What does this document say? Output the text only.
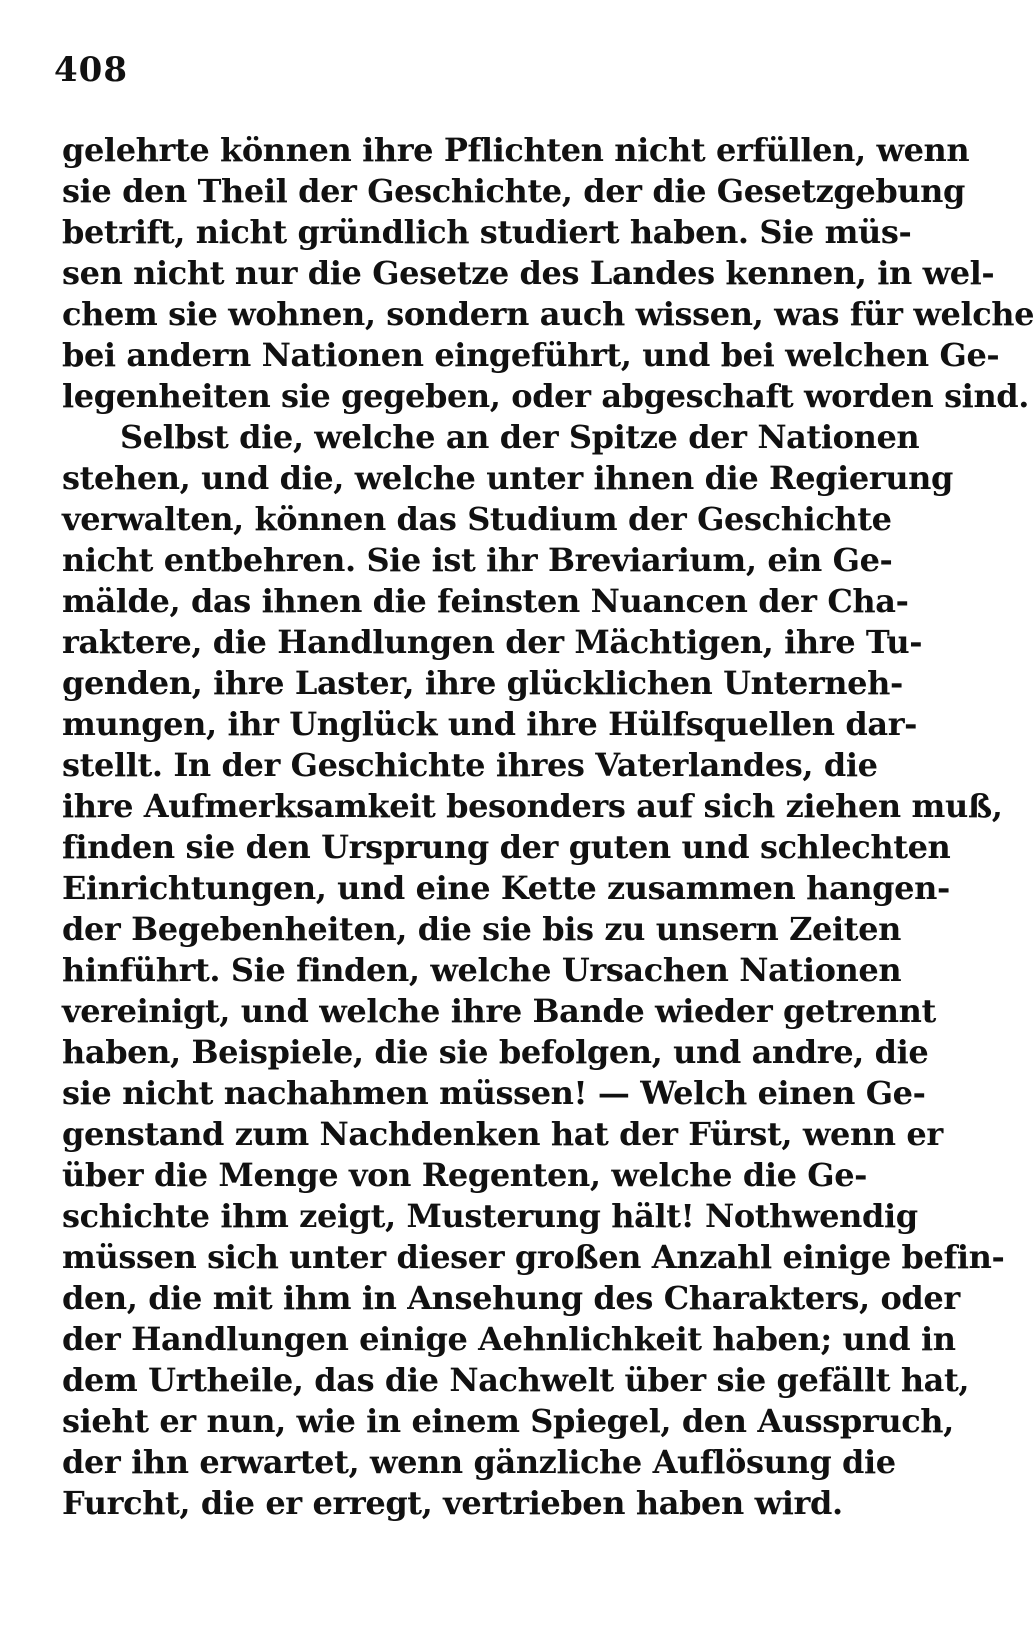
408
gelehrte können ihre Pflichten nicht erfüllen, wenn
sie den Theil der Geschichte, der die Gesetzgebung
betrift, nicht gründlich studiert haben. Sie müs-
sen nicht nur die Gesetze des Landes kennen, in wel-
chem sie wohnen, sondern auch wissen, was für welche
bei andern Nationen eingeführt, und bei welchen Ge-
legenheiten sie gegeben, oder abgeschaft worden sind.
Selbst die, welche an der Spitze der Nationen
stehen, und die, welche unter ihnen die Regierung
verwalten, können das Studium der Geschichte
nicht entbehren. Sie ist ihr Breviarium, ein Ge-
mälde, das ihnen die feinsten Nuancen der Cha-
raktere, die Handlungen der Mächtigen, ihre Tu-
genden, ihre Laster, ihre glücklichen Unterneh-
mungen, ihr Unglück und ihre Hülfsquellen dar-
stellt. In der Geschichte ihres Vaterlandes, die
ihre Aufmerksamkeit besonders auf sich ziehen muß,
finden sie den Ursprung der guten und schlechten
Einrichtungen, und eine Kette zusammen hangen-
der Begebenheiten, die sie bis zu unsern Zeiten
hinführt. Sie finden, welche Ursachen Nationen
vereinigt, und welche ihre Bande wieder getrennt
haben, Beispiele, die sie befolgen, und andre, die
sie nicht nachahmen müssen! — Welch einen Ge-
genstand zum Nachdenken hat der Fürst, wenn er
über die Menge von Regenten, welche die Ge-
schichte ihm zeigt, Musterung hält! Nothwendig
müssen sich unter dieser großen Anzahl einige befin-
den, die mit ihm in Ansehung des Charakters, oder
der Handlungen einige Aehnlichkeit haben; und in
dem Urtheile, das die Nachwelt über sie gefällt hat,
sieht er nun, wie in einem Spiegel, den Ausspruch,
der ihn erwartet, wenn gänzliche Auflösung die
Furcht, die er erregt, vertrieben haben wird.
